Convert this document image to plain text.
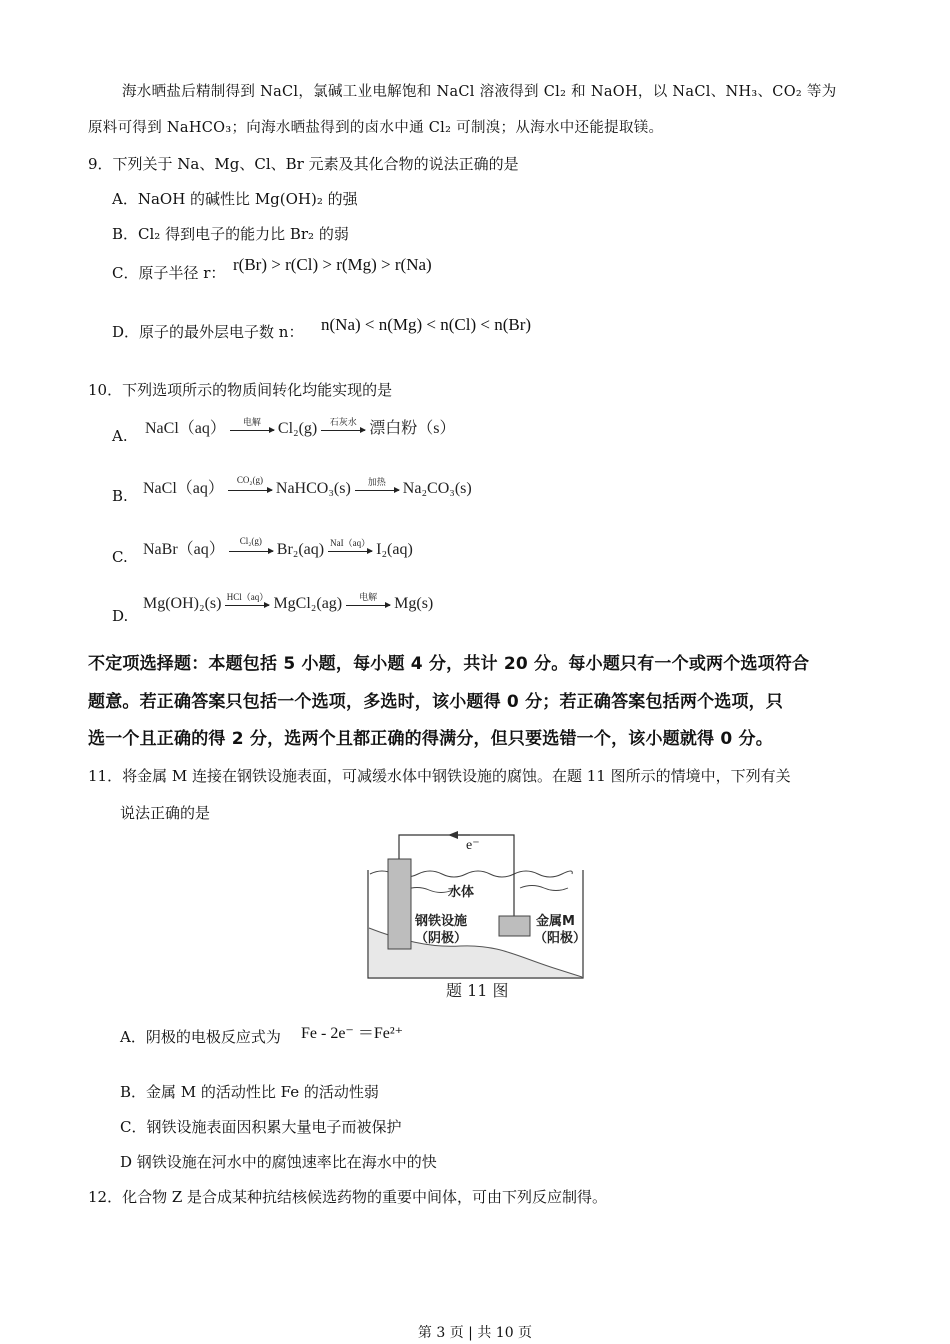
海水晒盐后精制得到 NaCl，氯碱工业电解饱和 NaCl 溶液得到 Cl₂ 和 NaOH，以 NaCl、NH₃、CO₂ 等为
原料可得到 NaHCO₃；向海水晒盐得到的卤水中通 Cl₂ 可制溴；从海水中还能提取镁。
9．下列关于 Na、Mg、Cl、Br 元素及其化合物的说法正确的是
A．NaOH 的碱性比 Mg(OH)₂ 的强
B．Cl₂ 得到电子的能力比 Br₂ 的弱
C．原子半径 r： r(Br) > r(Cl) > r(Mg) > r(Na)
D．原子的最外层电子数 n： n(Na) < n(Mg) < n(Cl) < n(Br)
10．下列选项所示的物质间转化均能实现的是
A. NaCl（aq）	电解	Cl₂(g)	石灰水 漂白粉（s）
B. NaCl（aq）
CO₂(g)
NaHCO₃(s)	加热	Na₂CO₃(s)
C. NaBr（aq）
Cl₂(g)
Br₂(aq) NaI（aq） I₂(aq)
D.
Mg(OH)₂(s) HCl（aq） MgCl₂(ag)	电解	Mg(s)
不定项选择题：本题包括 5 小题，每小题 4 分，共计 20 分。每小题只有一个或两个选项符合
题意。若正确答案只包括一个选项，多选时，该小题得 0 分；若正确答案包括两个选项，只
选一个且正确的得 2 分，选两个且都正确的得满分，但只要选错一个，该小题就得 0 分。
11．将金属 M 连接在钢铁设施表面，可减缓水体中钢铁设施的腐蚀。在题 11 图所示的情境中，下列有关
说法正确的是
e⁻
水体
钢铁设施
（阴极）
金属M
（阳极）
题 11 图
A．阴极的电极反应式为 Fe - 2e⁻ ＝Fe²⁺
B．金属 M 的活动性比 Fe 的活动性弱
C．钢铁设施表面因积累大量电子而被保护
D 钢铁设施在河水中的腐蚀速率比在海水中的快
12．化合物 Z 是合成某种抗结核候选药物的重要中间体，可由下列反应制得。
第 3 页 | 共 10 页
